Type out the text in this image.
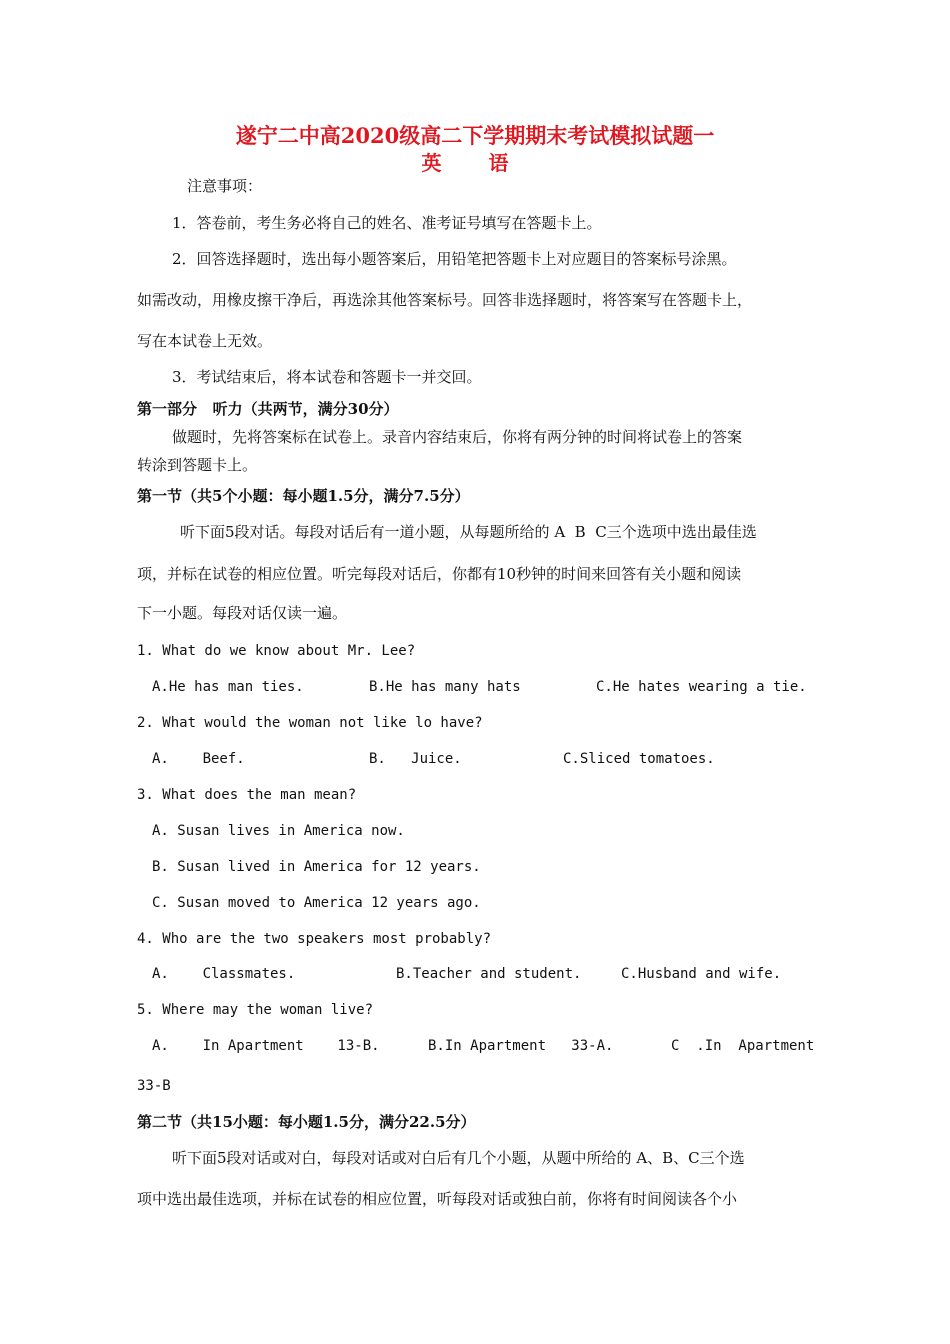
遂宁二中高2020级高二下学期期末考试模拟试题一
英 语
注意事项：
1．答卷前，考生务必将自己的姓名、准考证号填写在答题卡上。
2．回答选择题时，选出每小题答案后，用铅笔把答题卡上对应题目的答案标号涂黑。
如需改动，用橡皮擦干净后，再选涂其他答案标号。回答非选择题时，将答案写在答题卡上，
写在本试卷上无效。
3．考试结束后，将本试卷和答题卡一并交回。
第一部分   听力（共两节，满分30分）
做题时，先将答案标在试卷上。录音内容结束后，你将有两分钟的时间将试卷上的答案
转涂到答题卡上。
第一节（共5个小题：每小题1.5分，满分7.5分）
听下面5段对话。每段对话后有一道小题，从每题所给的 A  B  C三个选项中选出最佳选
项，并标在试卷的相应位置。听完每段对话后，你都有10秒钟的时间来回答有关小题和阅读
下一小题。每段对话仅读一遍。
1. What do we know about Mr. Lee?
A.He has man ties.	B.He has many hats	C.He hates wearing a tie.
2. What would the woman not like lo have?
A.    Beef.	B.   Juice.	C.Sliced tomatoes.
3. What does the man mean?
A. Susan lives in America now.
B. Susan lived in America for 12 years.
C. Susan moved to America 12 years ago.
4. Who are the two speakers most probably?
A.    Classmates.	B.Teacher and student.	C.Husband and wife.
5. Where may the woman live?
A.    In Apartment    13-B.	B.In Apartment   33-A.	C  .In  Apartment
33-B
第二节（共15小题：每小题1.5分，满分22.5分）
听下面5段对话或对白，每段对话或对白后有几个小题，从题中所给的 A、B、C三个选
项中选出最佳选项，并标在试卷的相应位置，听每段对话或独白前，你将有时间阅读各个小
